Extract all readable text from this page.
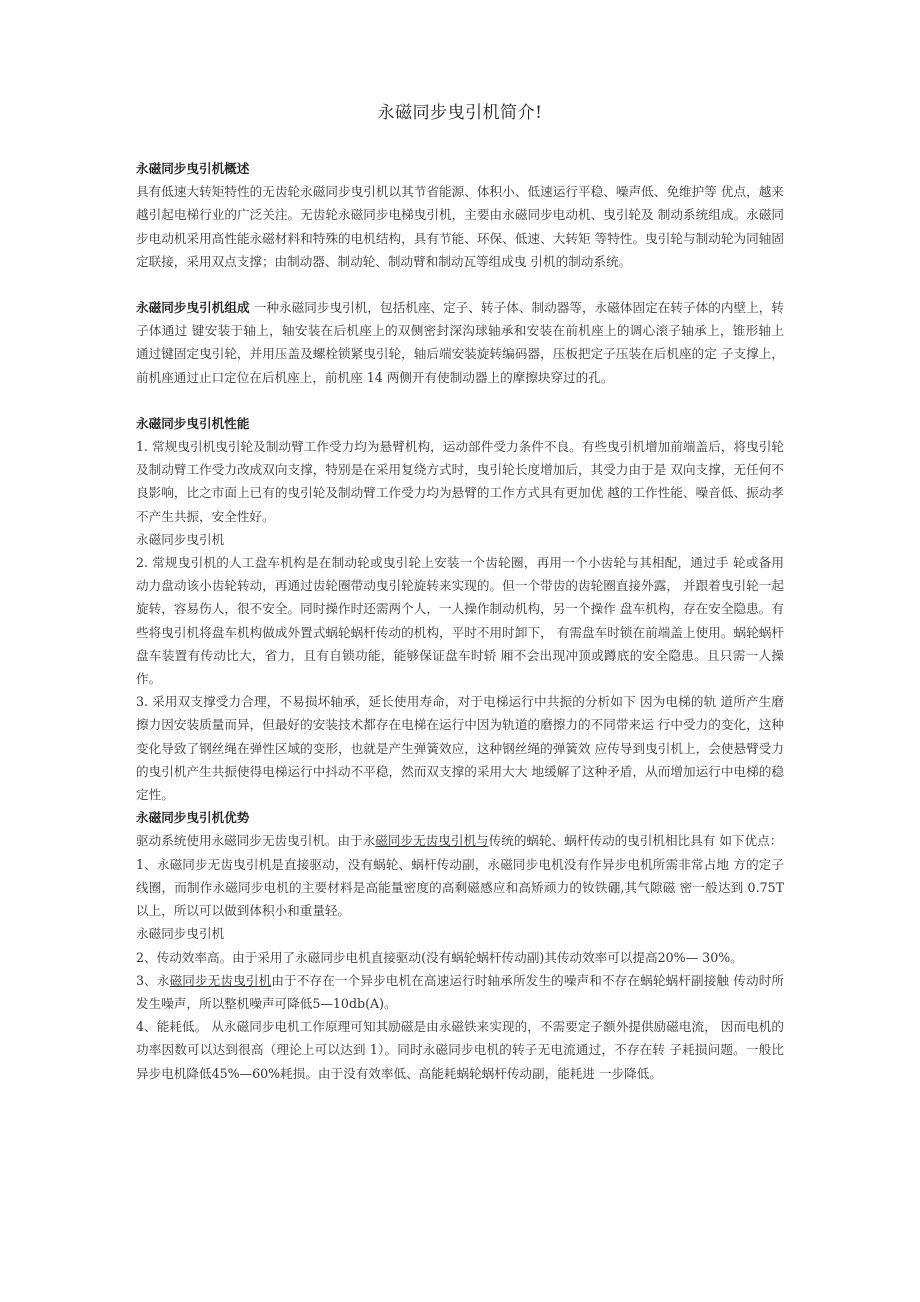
永磁同步曳引机简介!

永磁同步曳引机概述

具有低速大转矩特性的无齿轮永磁同步曳引机以其节省能源、体积小、低速运行平稳、噪声低、免维护等 优点，越来越引起电梯行业的广泛关注。无齿轮永磁同步电梯曳引机，主要由永磁同步电动机、曳引轮及 制动系统组成。永磁同步电动机采用高性能永磁材料和特殊的电机结构，具有节能、环保、低速、大转矩 等特性。曳引轮与制动轮为同轴固定联接，采用双点支撑；由制动器、制动轮、制动臂和制动瓦等组成曳 引机的制动系统。

永磁同步曳引机组成 一种永磁同步曳引机，包括机座、定子、转子体、制动器等，永磁体固定在转子体的内壁上，转子体通过 键安装于轴上，轴安装在后机座上的双侧密封深沟球轴承和安装在前机座上的调心滚子轴承上，锥形轴上 通过键固定曳引轮，并用压盖及螺栓锁紧曳引轮，轴后端安装旋转编码器，压板把定子压装在后机座的定 子支撑上，前机座通过止口定位在后机座上，前机座 14 两侧开有使制动器上的摩擦块穿过的孔。

永磁同步曳引机性能

1. 常规曳引机曳引轮及制动臂工作受力均为悬臂机构，运动部件受力条件不良。有些曳引机增加前端盖后，将曳引轮及制动臂工作受力改成双向支撑，特别是在采用复绕方式时，曳引轮长度增加后，其受力由于是 双向支撑，无任何不良影响，比之市面上已有的曳引轮及制动臂工作受力均为悬臂的工作方式具有更加优 越的工作性能、噪音低、振动孝不产生共振，安全性好。

永磁同步曳引机

2. 常规曳引机的人工盘车机构是在制动轮或曳引轮上安装一个齿轮圈，再用一个小齿轮与其相配，通过手 轮或备用动力盘动该小齿轮转动，再通过齿轮圈带动曳引轮旋转来实现的。但一个带齿的齿轮圈直接外露， 并跟着曳引轮一起旋转，容易伤人，很不安全。同时操作时还需两个人，一人操作制动机构，另一个操作 盘车机构，存在安全隐患。有些将曳引机将盘车机构做成外置式蜗轮蜗杆传动的机构，平时不用时卸下， 有需盘车时锁在前端盖上使用。蜗轮蜗杆盘车装置有传动比大，省力，且有自锁功能，能够保证盘车时轿 厢不会出现冲顶或蹲底的安全隐患。且只需一人操作。

3. 采用双支撑受力合理，不易损坏轴承，延长使用寿命，对于电梯运行中共振的分析如下 因为电梯的轨 道所产生磨擦力因安装质量而异，但最好的安装技术都存在电梯在运行中因为轨道的磨擦力的不同带来运 行中受力的变化，这种变化导致了钢丝绳在弹性区域的变形，也就是产生弹簧效应，这种钢丝绳的弹簧效 应传导到曳引机上，会使悬臂受力的曳引机产生共振使得电梯运行中抖动不平稳，然而双支撑的采用大大 地缓解了这种矛盾，从而增加运行中电梯的稳定性。

永磁同步曳引机优势

驱动系统使用永磁同步无齿曳引机。由于永磁同步无齿曳引机与传统的蜗轮、蜗杆传动的曳引机相比具有 如下优点：

1、永磁同步无齿曳引机是直接驱动，没有蜗轮、蜗杆传动副，永磁同步电机没有作异步电机所需非常占地 方的定子线圈，而制作永磁同步电机的主要材料是高能量密度的高剩磁感应和高矫顽力的钕铁硼,其气隙磁 密一般达到 0.75T 以上，所以可以做到体积小和重量轻。

永磁同步曳引机

2、传动效率高。由于采用了永磁同步电机直接驱动(没有蜗轮蜗杆传动副)其传动效率可以提高20%— 30%。

3、永磁同步无齿曳引机由于不存在一个异步电机在高速运行时轴承所发生的噪声和不存在蜗轮蜗杆副接触 传动时所发生噪声，所以整机噪声可降低5—10db(A)。

4、能耗低。 从永磁同步电机工作原理可知其励磁是由永磁铁来实现的，不需要定子额外提供励磁电流， 因而电机的功率因数可以达到很高（理论上可以达到 1）。同时永磁同步电机的转子无电流通过，不存在转 子耗损问题。一般比异步电机降低45%—60%耗损。由于没有效率低、高能耗蜗轮蜗杆传动副，能耗进 一步降低。
